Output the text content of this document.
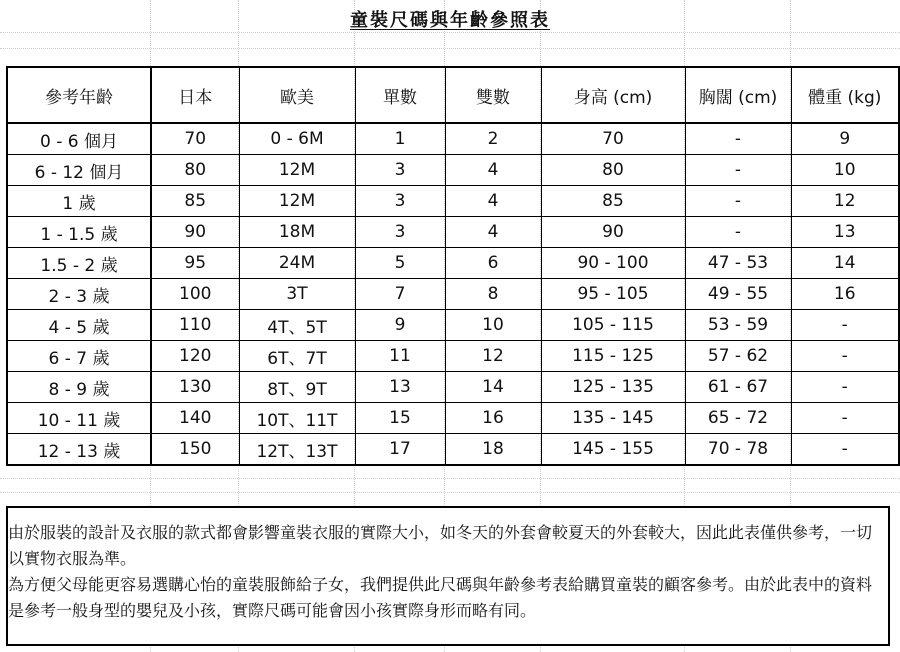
童裝尺碼與年齡參照表
參考年齡	日本	歐美	單數	雙數	身高 (cm)	胸闊 (cm)	體重 (kg)
0 - 6 個月	70	0 - 6M	1	2	70	-	9
6 - 12 個月	80	12M	3	4	80	-	10
1 歲	85	12M	3	4	85	-	12
1 - 1.5 歲	90	18M	3	4	90	-	13
1.5 - 2 歲	95	24M	5	6	90 - 100	47 - 53	14
2 - 3 歲	100	3T	7	8	95 - 105	49 - 55	16
4 - 5 歲	110	4T、5T	9	10	105 - 115	53 - 59	-
6 - 7 歲	120	6T、7T	11	12	115 - 125	57 - 62	-
8 - 9 歲	130	8T、9T	13	14	125 - 135	61 - 67	-
10 - 11 歲	140	10T、11T	15	16	135 - 145	65 - 72	-
12 - 13 歲	150	12T、13T	17	18	145 - 155	70 - 78	-

由於服裝的設計及衣服的款式都會影響童裝衣服的實際大小，如冬天的外套會較夏天的外套較大，因此此表僅供參考，一切以實物衣服為準。

為方便父母能更容易選購心怡的童裝服飾給子女，我們提供此尺碼與年齡參考表給購買童裝的顧客參考。由於此表中的資料是參考一般身型的嬰兒及小孩，實際尺碼可能會因小孩實際身形而略有同。
